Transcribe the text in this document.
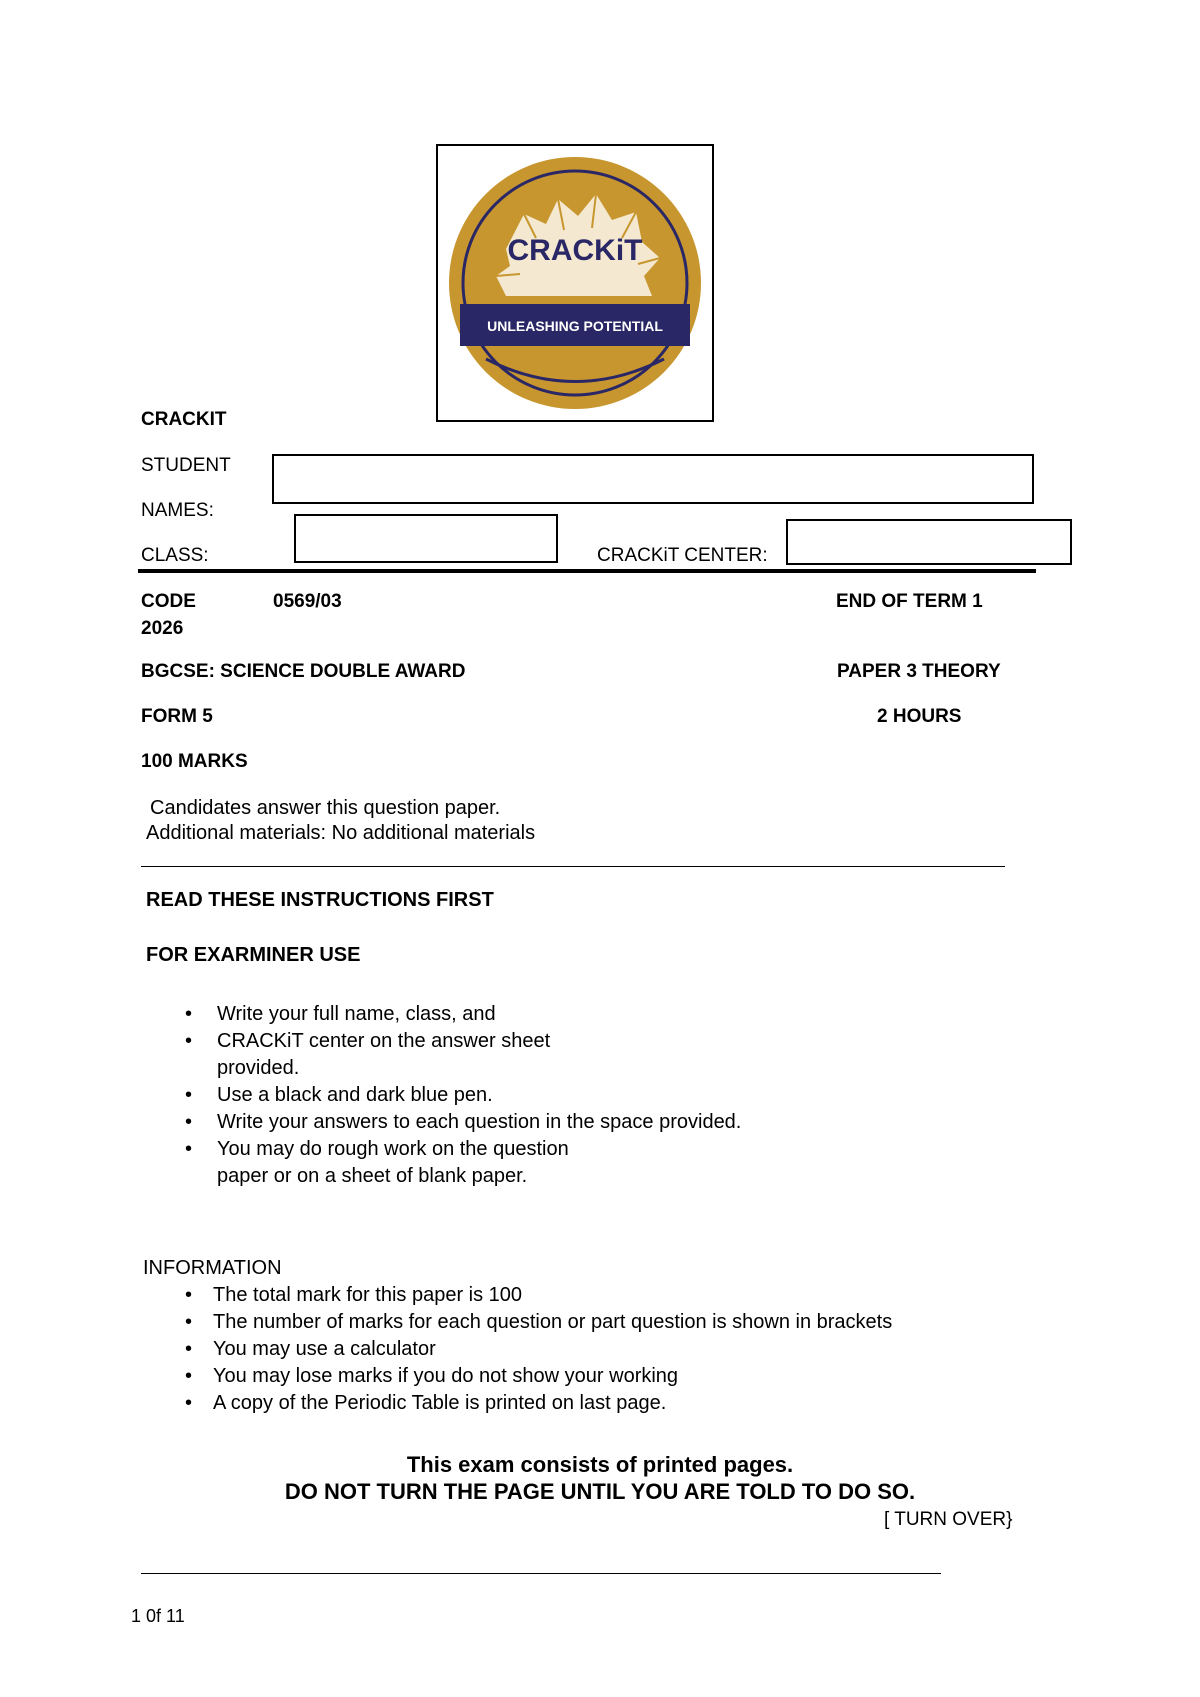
CRACKiT
UNLEASHING POTENTIAL
CRACKIT
STUDENT
NAMES:
CLASS:	CRACKiT CENTER:
CODE	0569/03	END OF TERM 1
2026
BGCSE: SCIENCE DOUBLE AWARD	PAPER 3 THEORY
FORM 5	2 HOURS
100 MARKS
Candidates answer this question paper.
Additional materials: No additional materials
READ THESE INSTRUCTIONS FIRST
FOR EXARMINER USE
• Write your full name, class, and
• CRACKiT center on the answer sheet provided.
• Use a black and dark blue pen.
• Write your answers to each question in the space provided.
• You may do rough work on the question paper or on a sheet of blank paper.
INFORMATION
• The total mark for this paper is 100
• The number of marks for each question or part question is shown in brackets
• You may use a calculator
• You may lose marks if you do not show your working
• A copy of the Periodic Table is printed on last page.
This exam consists of printed pages.
DO NOT TURN THE PAGE UNTIL YOU ARE TOLD TO DO SO.
[ TURN OVER}
1 0f 11
